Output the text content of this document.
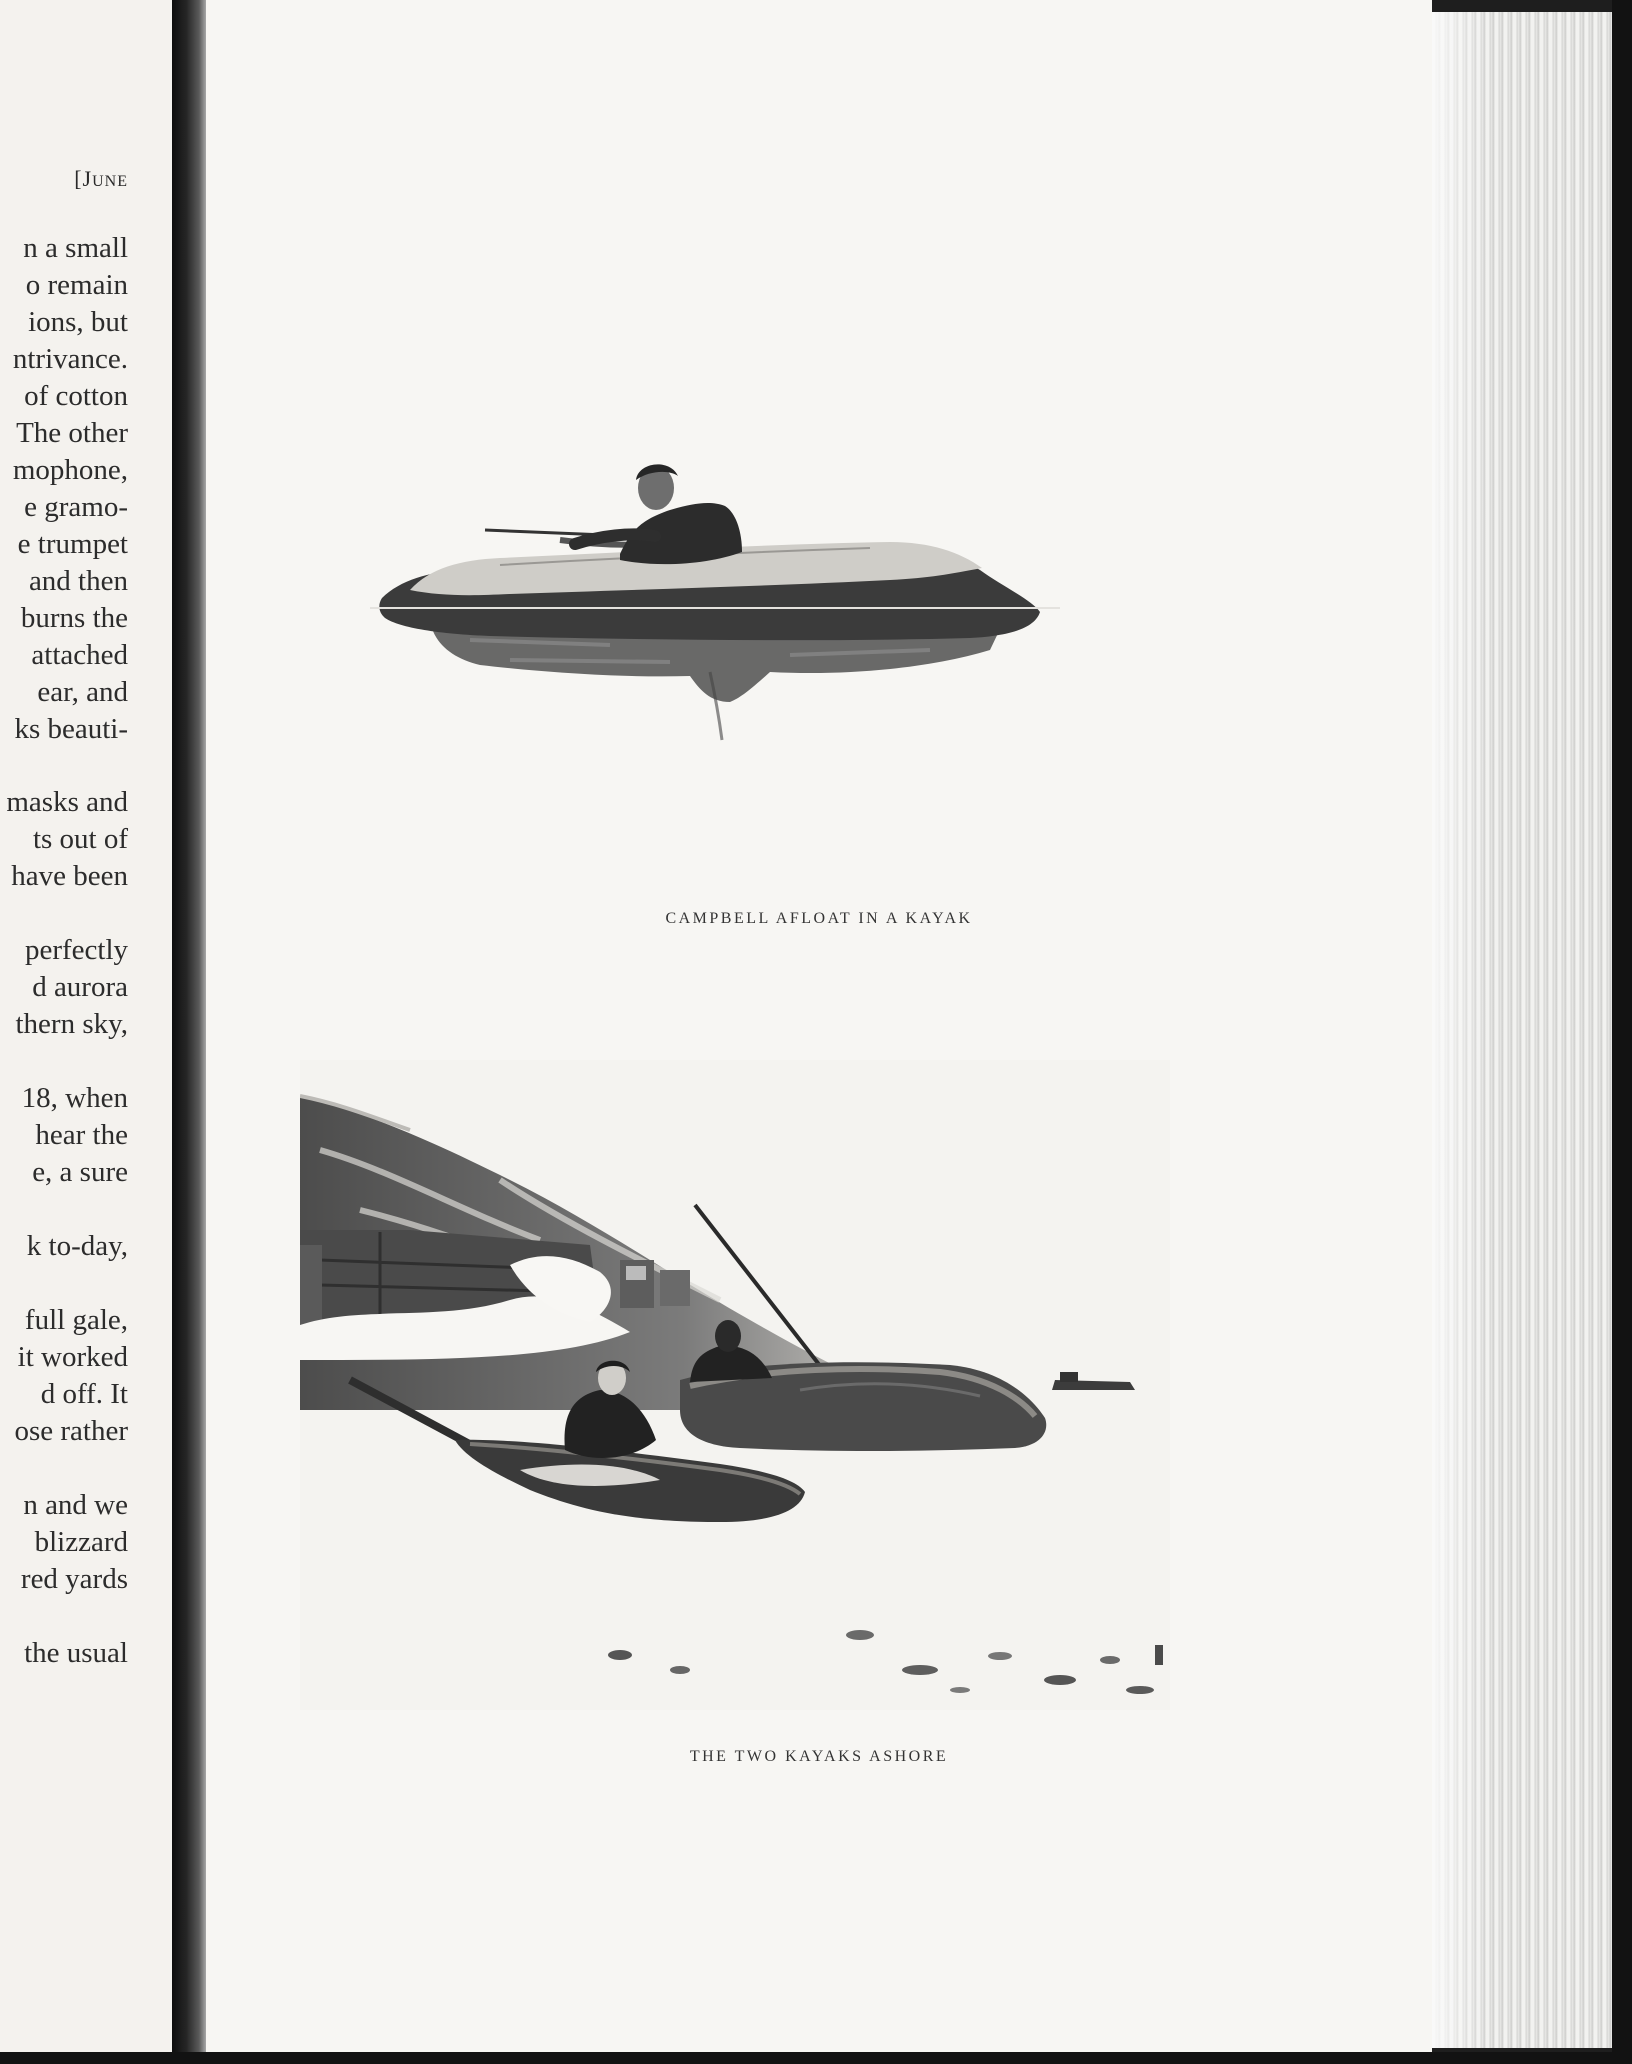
[JUNE
n a small
o remain
ions, but
ntrivance.
of cotton
The other
mophone,
e gramo-
e trumpet
and then
burns the
attached
ear, and
ks beauti-
masks and
ts out of
have been
perfectly
d aurora
thern sky,
18, when
hear the
e, a sure
k to-day,
full gale,
it worked
d off. It
ose rather
n and we
blizzard
red yards
the usual
CAMPBELL AFLOAT IN A KAYAK
THE TWO KAYAKS ASHORE
